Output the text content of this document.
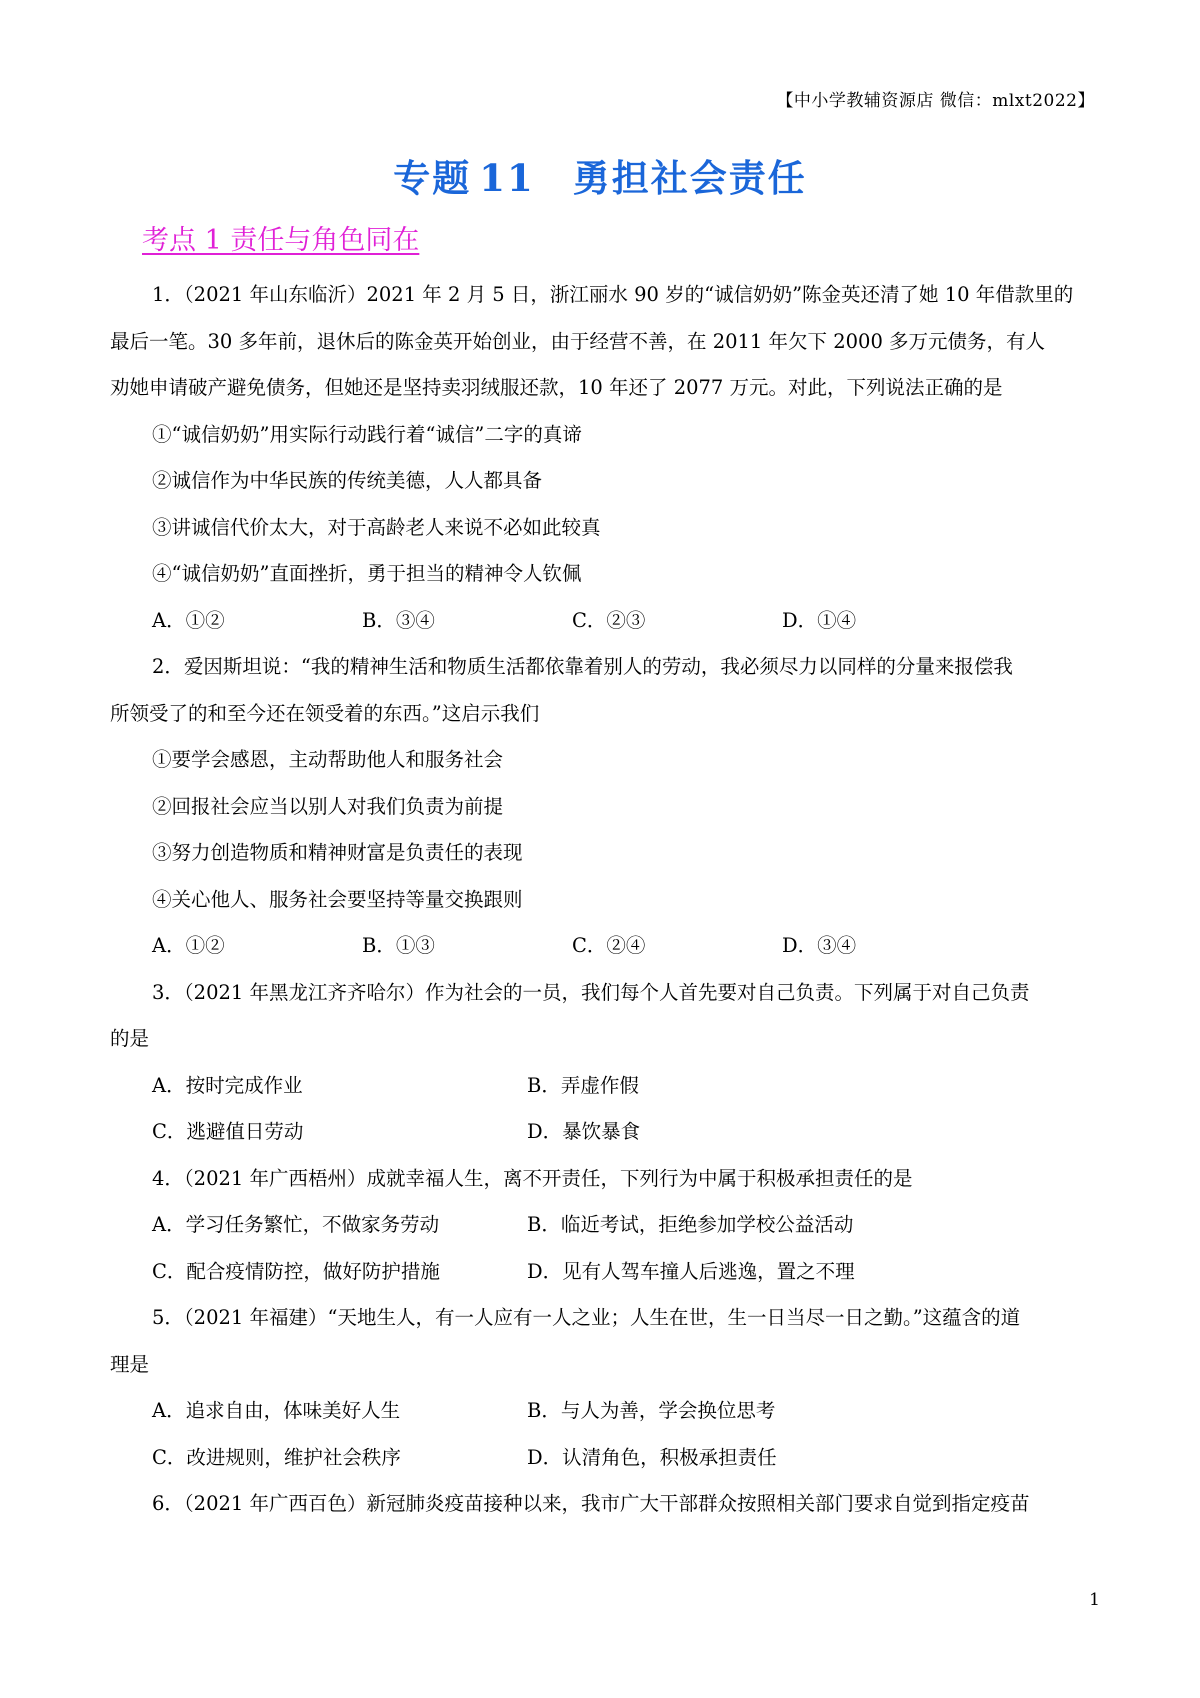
【中小学教辅资源店 微信：mlxt2022】
专题 11 勇担社会责任
考点 1 责任与角色同在
1．（2021 年山东临沂）2021 年 2 月 5 日，浙江丽水 90 岁的“诚信奶奶”陈金英还清了她 10 年借款里的
最后一笔。30 多年前，退休后的陈金英开始创业，由于经营不善，在 2011 年欠下 2000 多万元债务，有人
劝她申请破产避免债务，但她还是坚持卖羽绒服还款，10 年还了 2077 万元。对此，下列说法正确的是
①“诚信奶奶”用实际行动践行着“诚信”二字的真谛
②诚信作为中华民族的传统美德，人人都具备
③讲诚信代价太大，对于高龄老人来说不必如此较真
④“诚信奶奶”直面挫折，勇于担当的精神令人钦佩
A．①②	B．③④	C．②③	D．①④
2．爱因斯坦说：“我的精神生活和物质生活都依靠着别人的劳动，我必须尽力以同样的分量来报偿我
所领受了的和至今还在领受着的东西。”这启示我们
①要学会感恩，主动帮助他人和服务社会
②回报社会应当以别人对我们负责为前提
③努力创造物质和精神财富是负责任的表现
④关心他人、服务社会要坚持等量交换跟则
A．①②	B．①③	C．②④	D．③④
3．（2021 年黑龙江齐齐哈尔）作为社会的一员，我们每个人首先要对自己负责。下列属于对自己负责
的是
A．按时完成作业	B．弄虚作假
C．逃避值日劳动	D．暴饮暴食
4．（2021 年广西梧州）成就幸福人生，离不开责任，下列行为中属于积极承担责任的是
A．学习任务繁忙，不做家务劳动	B．临近考试，拒绝参加学校公益活动
C．配合疫情防控，做好防护措施	D．见有人驾车撞人后逃逸，置之不理
5．（2021 年福建）“天地生人，有一人应有一人之业；人生在世，生一日当尽一日之勤。”这蕴含的道
理是
A．追求自由，体味美好人生	B．与人为善，学会换位思考
C．改进规则，维护社会秩序	D．认清角色，积极承担责任
6．（2021 年广西百色）新冠肺炎疫苗接种以来，我市广大干部群众按照相关部门要求自觉到指定疫苗
1
